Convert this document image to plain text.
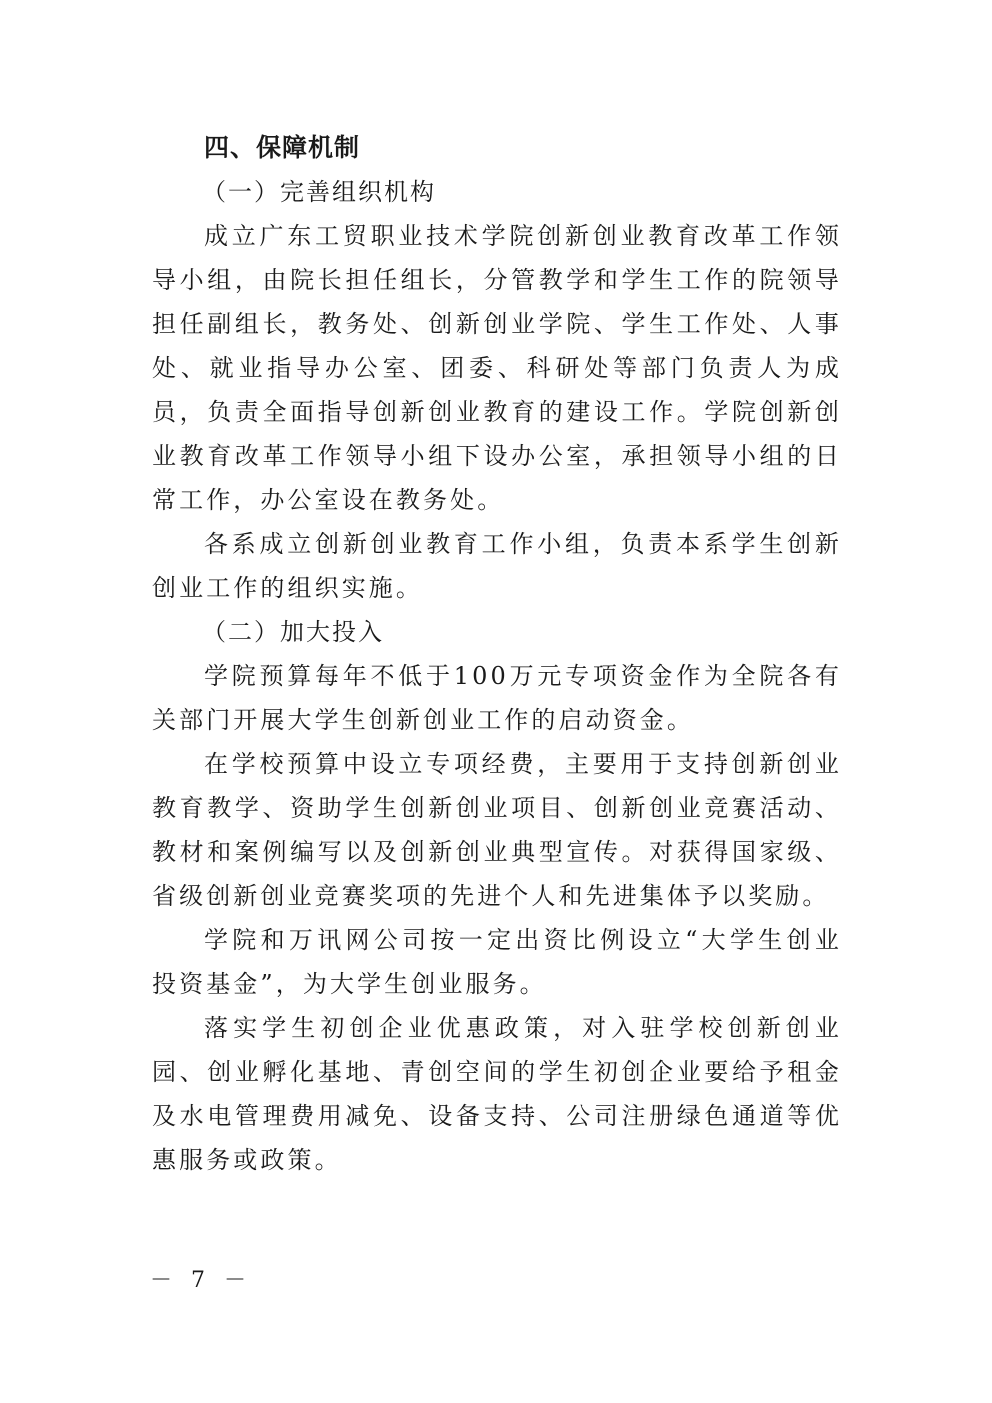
四、保障机制

（一）完善组织机构

成立广东工贸职业技术学院创新创业教育改革工作领导小组，由院长担任组长，分管教学和学生工作的院领导担任副组长，教务处、创新创业学院、学生工作处、人事处、就业指导办公室、团委、科研处等部门负责人为成员，负责全面指导创新创业教育的建设工作。学院创新创业教育改革工作领导小组下设办公室，承担领导小组的日常工作，办公室设在教务处。

各系成立创新创业教育工作小组，负责本系学生创新创业工作的组织实施。

（二）加大投入

学院预算每年不低于100万元专项资金作为全院各有关部门开展大学生创新创业工作的启动资金。

在学校预算中设立专项经费，主要用于支持创新创业教育教学、资助学生创新创业项目、创新创业竞赛活动、教材和案例编写以及创新创业典型宣传。对获得国家级、省级创新创业竞赛奖项的先进个人和先进集体予以奖励。

学院和万讯网公司按一定出资比例设立“大学生创业投资基金”，为大学生创业服务。

落实学生初创企业优惠政策，对入驻学校创新创业园、创业孵化基地、青创空间的学生初创企业要给予租金及水电管理费用减免、设备支持、公司注册绿色通道等优惠服务或政策。

－ 7 －
